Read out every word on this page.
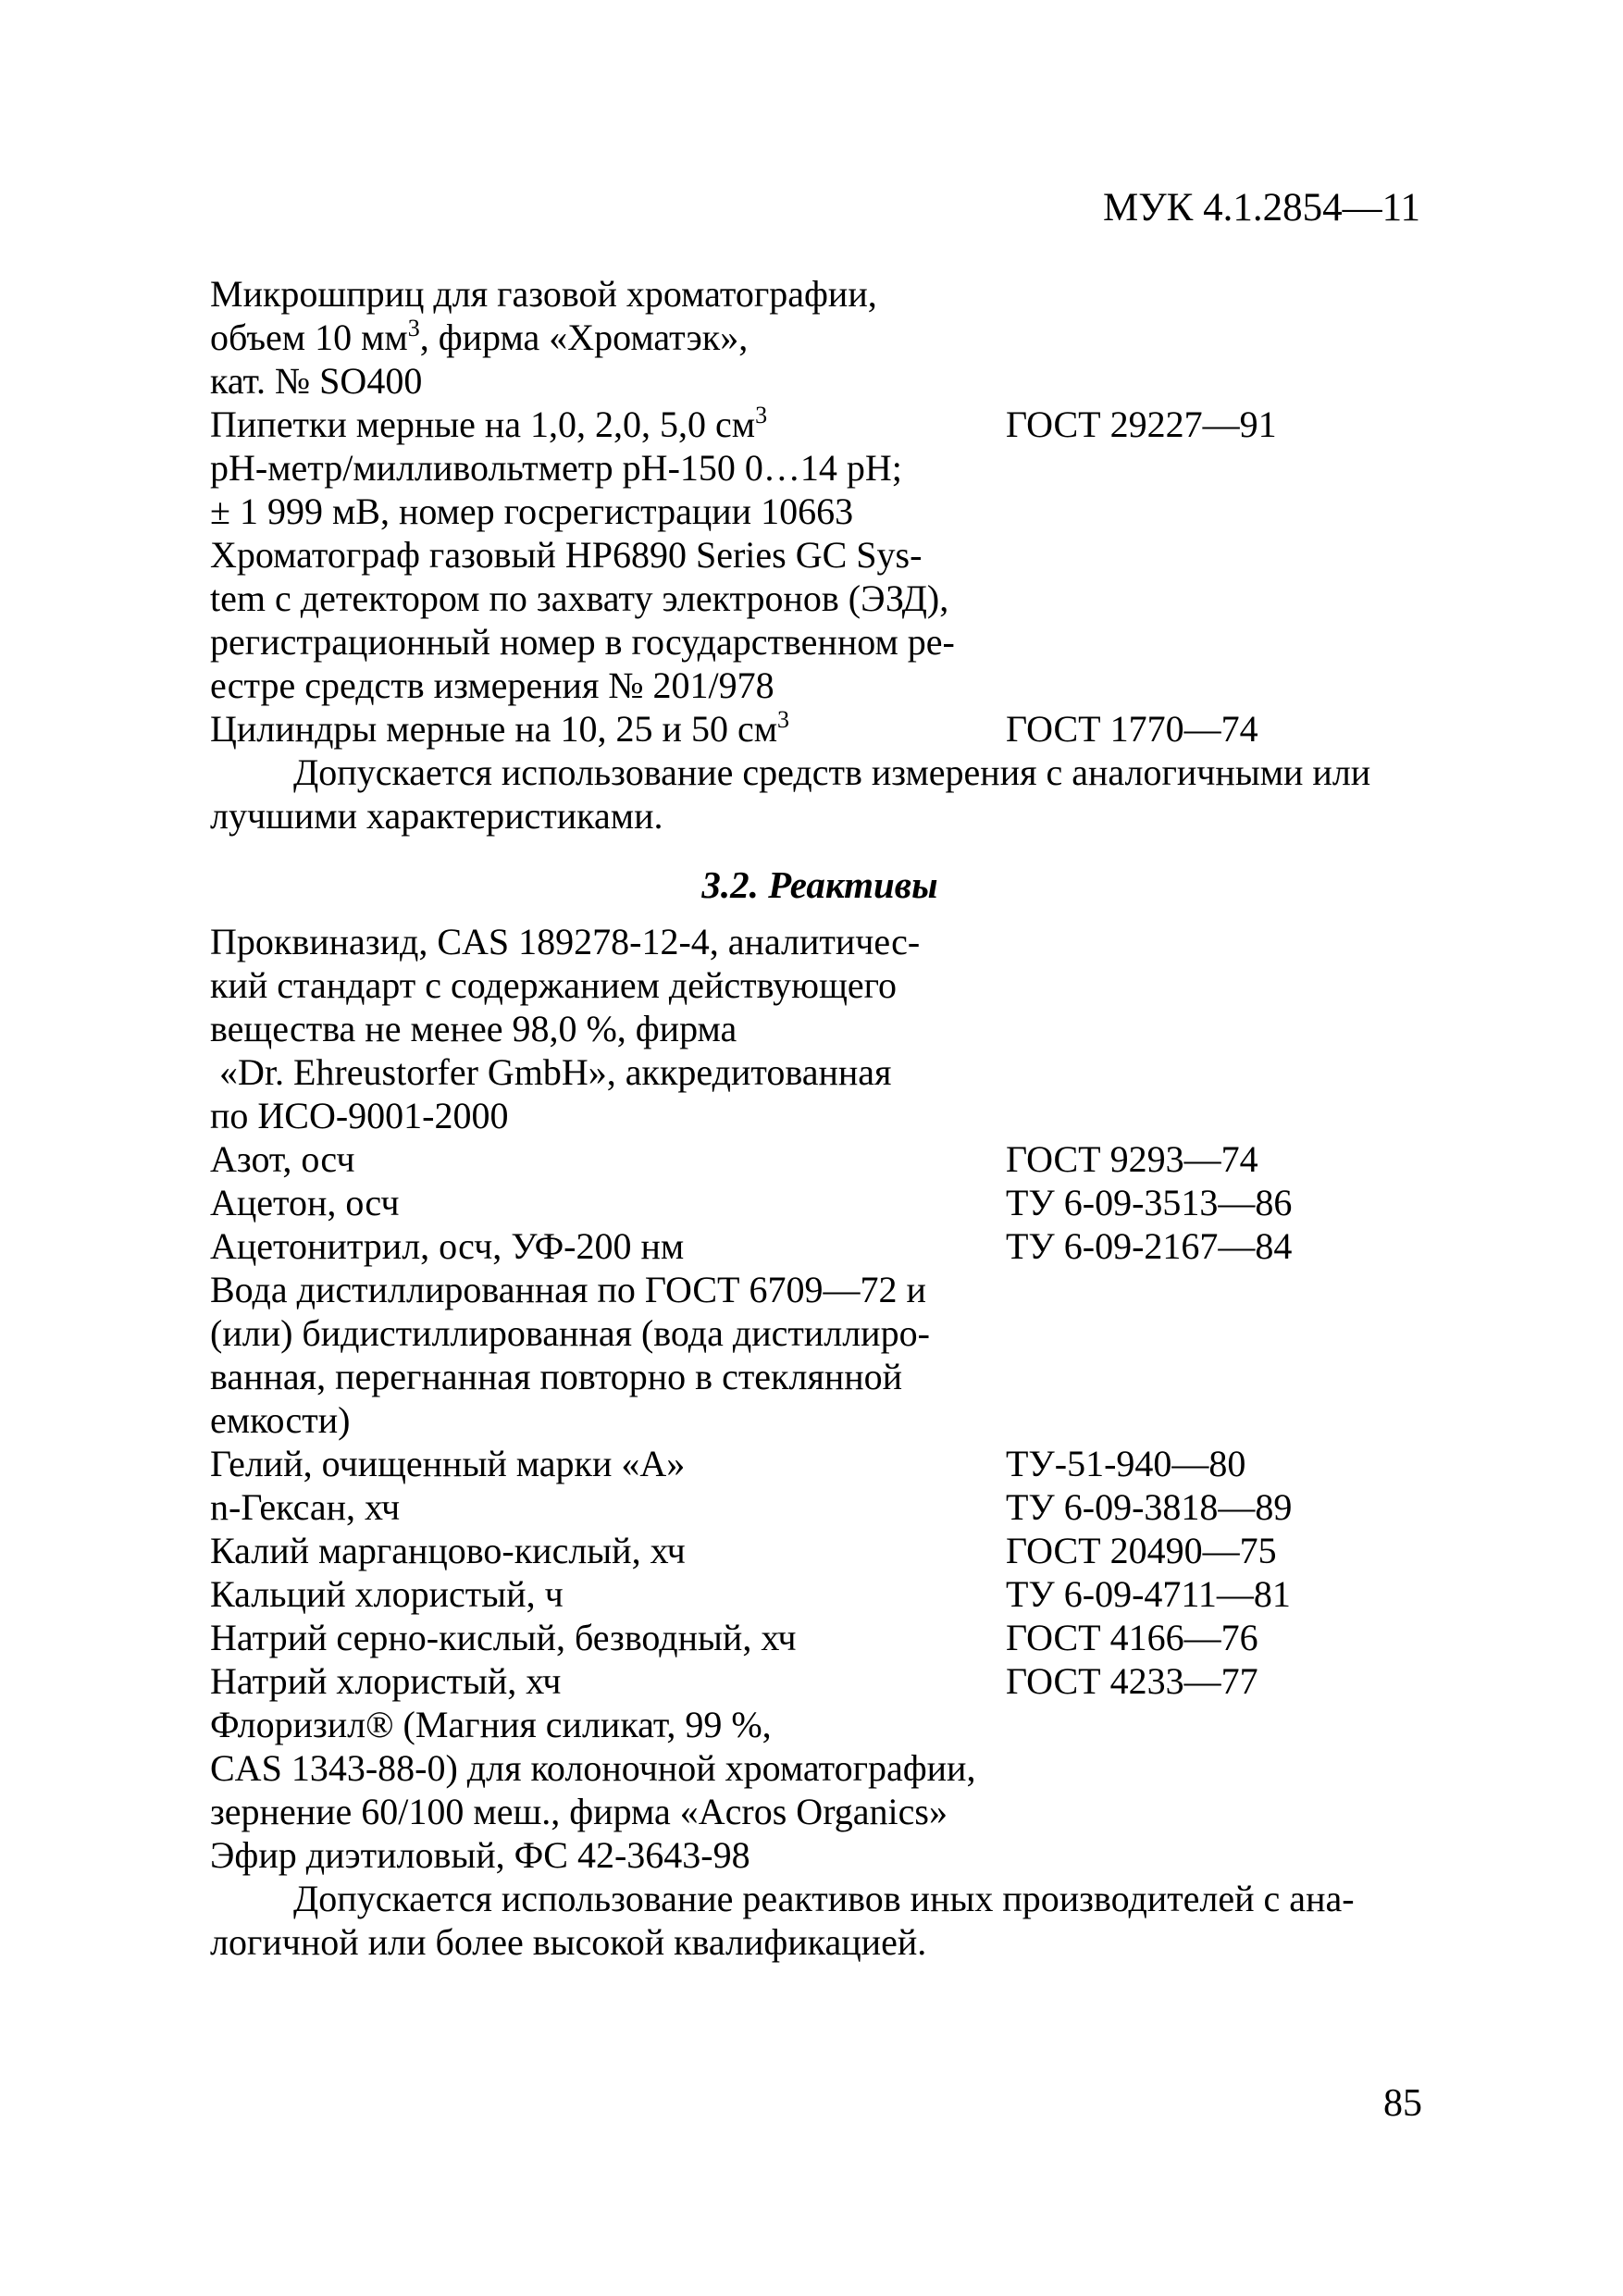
МУК 4.1.2854—11
Микрошприц для газовой хроматографии,
объем 10 $мм^3$, фирма «Хроматэк»,
кат. № SO400
Пипетки мерные на 1,0, 2,0, 5,0 $см^3$	ГОСТ 29227—91
рН-метр/милливольтметр рН-150 0…14 рН;
± 1 999 мВ, номер госрегистрации 10663
Хроматограф газовый HP6890 Series GC Sys-
tem с детектором по захвату электронов (ЭЗД),
регистрационный номер в государственном ре-
естре средств измерения № 201/978
Цилиндры мерные на 10, 25 и 50 $см^3$	ГОСТ 1770—74

Допускается использование средств измерения с аналогичными или
лучшими характеристиками.

3.2. Реактивы
Проквиназид, CAS 189278-12-4, аналитичес-
кий стандарт с содержанием действующего
вещества не менее 98,0 %, фирма
«Dr. Ehreustorfer GmbH», аккредитованная
по ИСО-9001-2000
Азот, осч	ГОСТ 9293—74
Ацетон, осч	ТУ 6-09-3513—86
Ацетонитрил, осч, УФ-200 нм	ТУ 6-09-2167—84
Вода дистиллированная по ГОСТ 6709—72 и
(или) бидистиллированная (вода дистиллиро-
ванная, перегнанная повторно в стеклянной
емкости)
Гелий, очищенный марки «А»	ТУ-51-940—80
n-Гексан, хч	ТУ 6-09-3818—89
Калий марганцово-кислый, хч	ГОСТ 20490—75
Кальций хлористый, ч	ТУ 6-09-4711—81
Натрий серно-кислый, безводный, хч	ГОСТ 4166—76
Натрий хлористый, хч	ГОСТ 4233—77
Флоризил® (Магния силикат, 99 %,
CAS 1343-88-0) для колоночной хроматографии,
зернение 60/100 меш., фирма «Acros Organics»
Эфир диэтиловый, ФС 42-3643-98

Допускается использование реактивов иных производителей с ана-
логичной или более высокой квалификацией.

85
